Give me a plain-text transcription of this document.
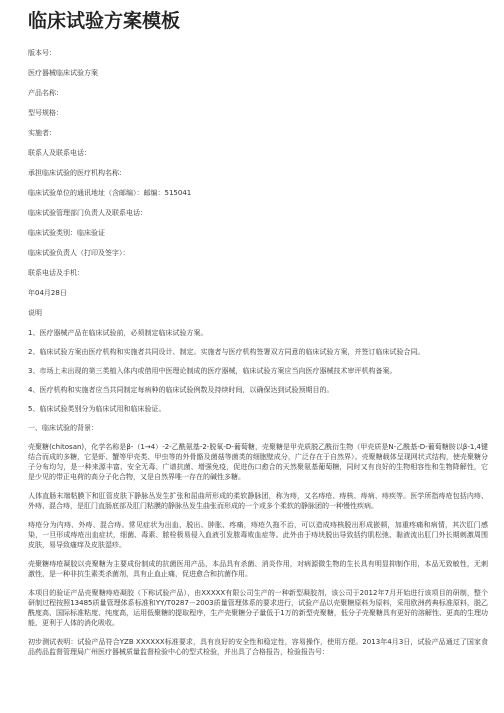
临床试验方案模板

版本号：

医疗器械临床试验方案

产品名称：

型号规格：

实施者：

联系人及联系电话：

承担临床试验的医疗机构名称：

临床试验单位的通讯地址（含邮编）：邮编：515041

临床试验管理部门负责人及联系电话：

临床试验类别：临床验证

临床试验负责人（打印及签字）：

联系电话及手机：

年04月28日

说明

1、医疗器械产品在临床试验前，必须制定临床试验方案。

2、临床试验方案由医疗机构和实施者共同设计、制定。实施者与医疗机构签署双方同意的临床试验方案，并签订临床试验合同。

3、市场上未出现的第三类植入体内或借用中医理论制成的医疗器械，临床试验方案应当向医疗器械技术审评机构备案。

4、医疗机构和实施者应当共同制定每病种的临床试验例数及持续时间，以确保达到试验预期目的。

5、临床试验类别分为临床试用和临床验证。

一、临床试验的背景：

壳聚糖(chitosan)，化学名称是β-（1→4）-2-乙酰氨基-2-脱氧-D-葡萄糖，壳聚糖是甲壳质脱乙酰衍生物（甲壳质是N-乙酰基-D-葡萄糖胺以β-1,4键结合而成的多糖，它是虾、蟹等甲壳类、甲虫等的外骨骼及菌菇等菌类的细胞壁成分，广泛存在于自然界）。壳聚糖载体呈现网状式结构，使壳聚糖分子分布均匀，是一种来源丰富、安全无毒、广谱抗菌、增强免疫，促进伤口愈合的天然聚氨基葡萄糖，同时又有良好的生物相容性和生物降解性，它是少见的带正电荷的高分子化合物，又是自然界唯一存在的碱性多糖。

人体直肠末端粘膜下和肛管皮肤下静脉丛发生扩张和屈曲所形成的柔软静脉团，称为痔，又名痔疮、痔核、痔病、痔疾等。医学所指痔疮包括内痔、外痔、混合痔，是肛门直肠底部及肛门粘膜的静脉丛发生曲张而形成的一个或多个柔软的静脉团的一种慢性疾病。

痔疮分为内痔、外痔、混合痔。常见症状为出血、脱出、肿胀、疼痛，痔疮久拖不治，可以造成痔核脱出形成嵌顿，加重疼痛和病情，其次肛门感染，一旦形成痔疮出血症状，细菌、毒素、脓栓极易侵入血液引发脓毒败血症等。此外由于痔块脱出导致括约肌松弛、黏液流出肛门外长期刺激周围皮肤，易导致瘙痒及皮肤湿疹。

壳聚糖痔疮凝胶以壳聚糖为主要成份制成的抗菌医用产品，本品具有杀菌、消炎作用，对病源微生物的生长具有明显抑制作用，本品无致敏性，无刺激性，是一种非抗生素类杀菌剂，具有止血止痛，促进愈合和抗菌作用。

本项目的验证产品壳聚糖痔疮凝胶（下称试验产品），由XXXXX有限公司生产的一种新型凝胶剂，该公司于2012年7月开始进行该项目的研制，整个研制过程按照13485质量管理体系标准和YY/T0287－2003质量管理体系的要求进行，试验产品以壳聚糖原料为原料，采用欧洲药典标准原料，脱乙酰度高、国际标准粘度、纯度高，运用低聚糖的提取程序，生产壳聚糖分子量低于1万的新型壳聚糖，低分子壳聚糖具有更好的溶解性、更高的生理功能，更利于人体的消化吸收。

初步测试表明：试验产品符合YZB XXXXXX标准要求，具有良好的安全性和稳定性，容易操作，使用方便。2013年4月3日，试验产品通过了国家食品药品监督管理局广州医疗器械质量监督检验中心的型式检验，并出具了合格报告，检验报告号：
